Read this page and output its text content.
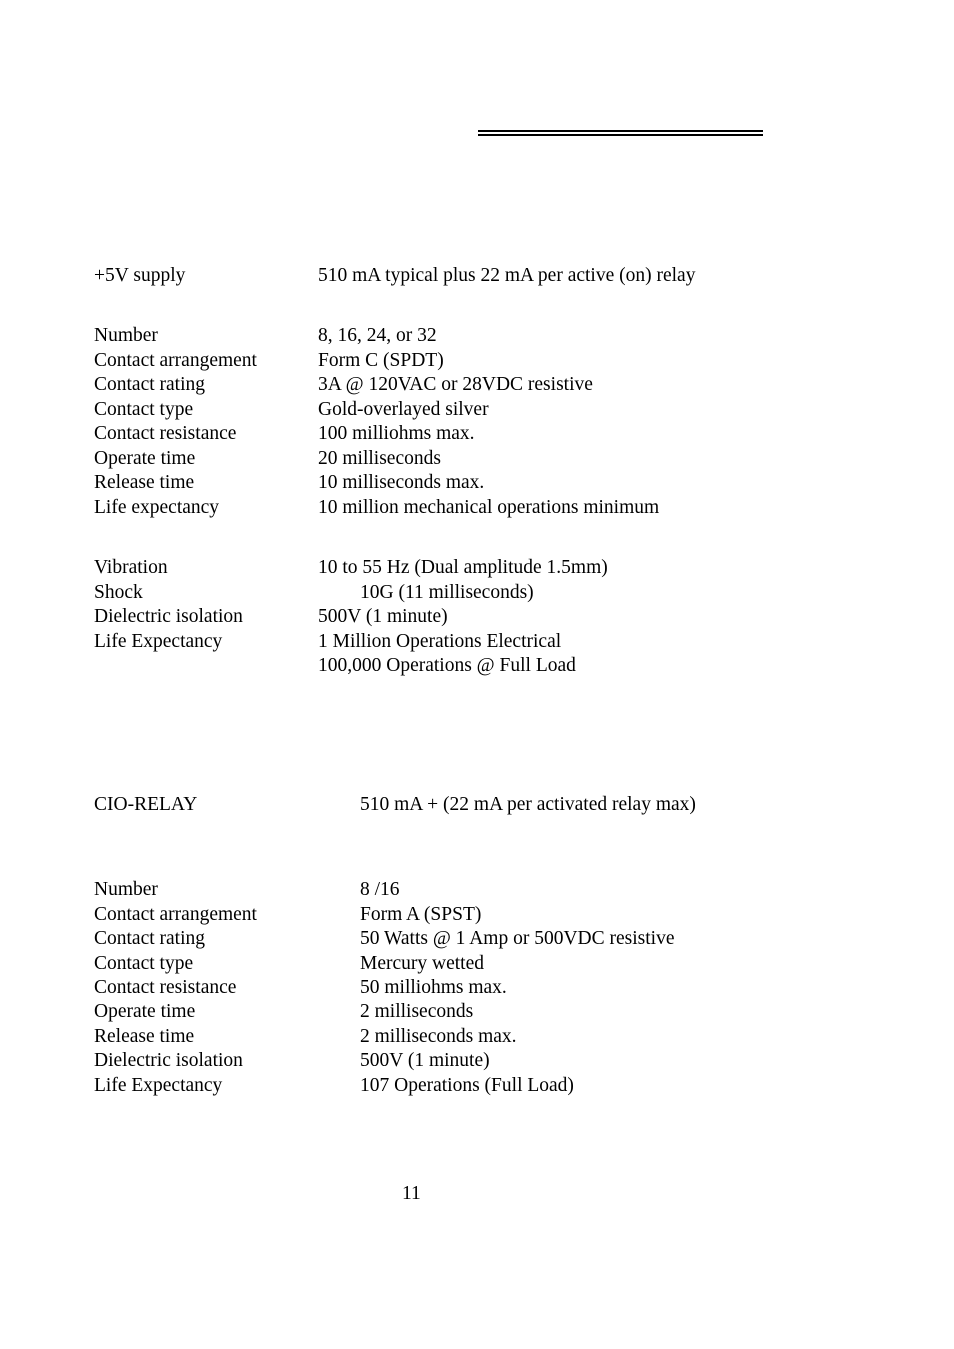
+5V supply	510 mA typical plus 22 mA per active (on) relay
Number	8, 16, 24, or 32
Contact arrangement	Form C (SPDT)
Contact rating	3A @ 120VAC or 28VDC resistive
Contact type	Gold-overlayed silver
Contact resistance	100 milliohms max.
Operate time	20 milliseconds
Release time	10 milliseconds max.
Life expectancy	10 million mechanical operations minimum
Vibration	10 to 55 Hz (Dual amplitude 1.5mm)
Shock	10G (11 milliseconds)
Dielectric isolation	500V (1 minute)
Life Expectancy	1 Million Operations Electrical
100,000 Operations @ Full Load
CIO-RELAY	510 mA + (22 mA per activated relay max)
Number	8 /16
Contact arrangement	Form A (SPST)
Contact rating	50 Watts @ 1 Amp or 500VDC resistive
Contact type	Mercury wetted
Contact resistance	50 milliohms max.
Operate time	2 milliseconds
Release time	2 milliseconds max.
Dielectric isolation	500V (1 minute)
Life Expectancy	107 Operations (Full Load)
11
